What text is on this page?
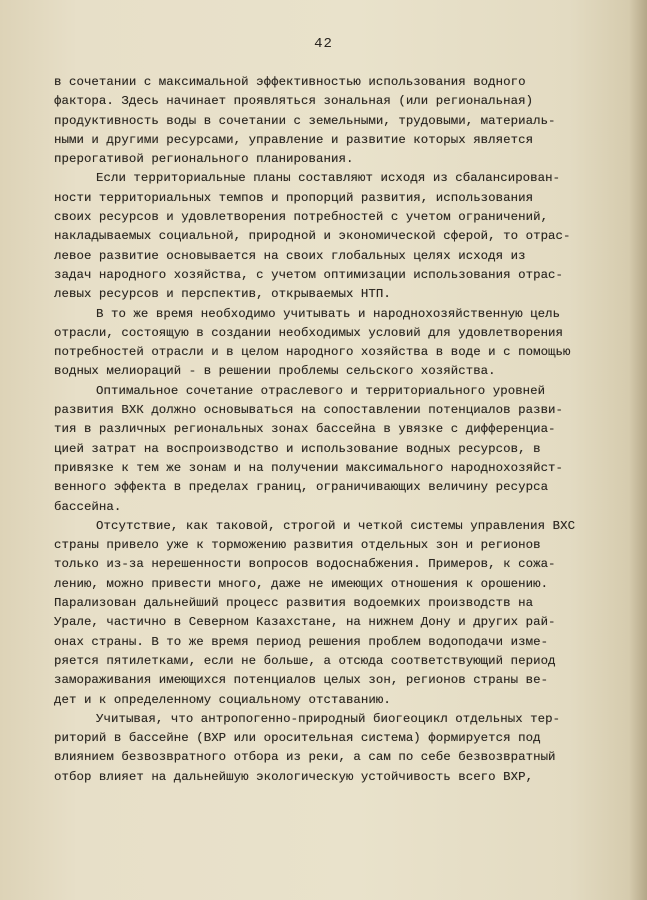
42
в сочетании с максимальной эффективностью использования водного
фактора. Здесь начинает проявляться зональная (или региональная)
продуктивность воды в сочетании с земельными, трудовыми, материаль-
ными и другими ресурсами, управление и развитие которых является
прерогативой регионального планирования.
Если территориальные планы составляют исходя из сбалансирован-
ности территориальных темпов и пропорций развития, использования
своих ресурсов и удовлетворения потребностей с учетом ограничений,
накладываемых социальной, природной и экономической сферой, то отрас-
левое развитие основывается на своих глобальных целях исходя из
задач народного хозяйства, с учетом оптимизации использования отрас-
левых ресурсов и перспектив, открываемых НТП.
В то же время необходимо учитывать и народнохозяйственную цель
отрасли, состоящую в создании необходимых условий для удовлетворения
потребностей отрасли и в целом народного хозяйства в воде и с помощью
водных мелиораций - в решении проблемы сельского хозяйства.
Оптимальное сочетание отраслевого и территориального уровней
развития ВХК должно основываться на сопоставлении потенциалов разви-
тия в различных региональных зонах бассейна в увязке с дифференциа-
цией затрат на воспроизводство и использование водных ресурсов, в
привязке к тем же зонам и на получении максимального народнохозяйст-
венного эффекта в пределах границ, ограничивающих величину ресурса
бассейна.
Отсутствие, как таковой, строгой и четкой системы управления ВХС
страны привело уже к торможению развития отдельных зон и регионов
только из-за нерешенности вопросов водоснабжения. Примеров, к сожа-
лению, можно привести много, даже не имеющих отношения к орошению.
Парализован дальнейший процесс развития водоемких производств на
Урале, частично в Северном Казахстане, на нижнем Дону и других рай-
онах страны. В то же время период решения проблем водоподачи изме-
ряется пятилетками, если не больше, а отсюда соответствующий период
замораживания имеющихся потенциалов целых зон, регионов страны ве-
дет и к определенному социальному отставанию.
Учитывая, что антропогенно-природный биогеоцикл отдельных тер-
риторий в бассейне (ВХР или оросительная система) формируется под
влиянием безвозвратного отбора из реки, а сам по себе безвозвратный
отбор влияет на дальнейшую экологическую устойчивость всего ВХР,
